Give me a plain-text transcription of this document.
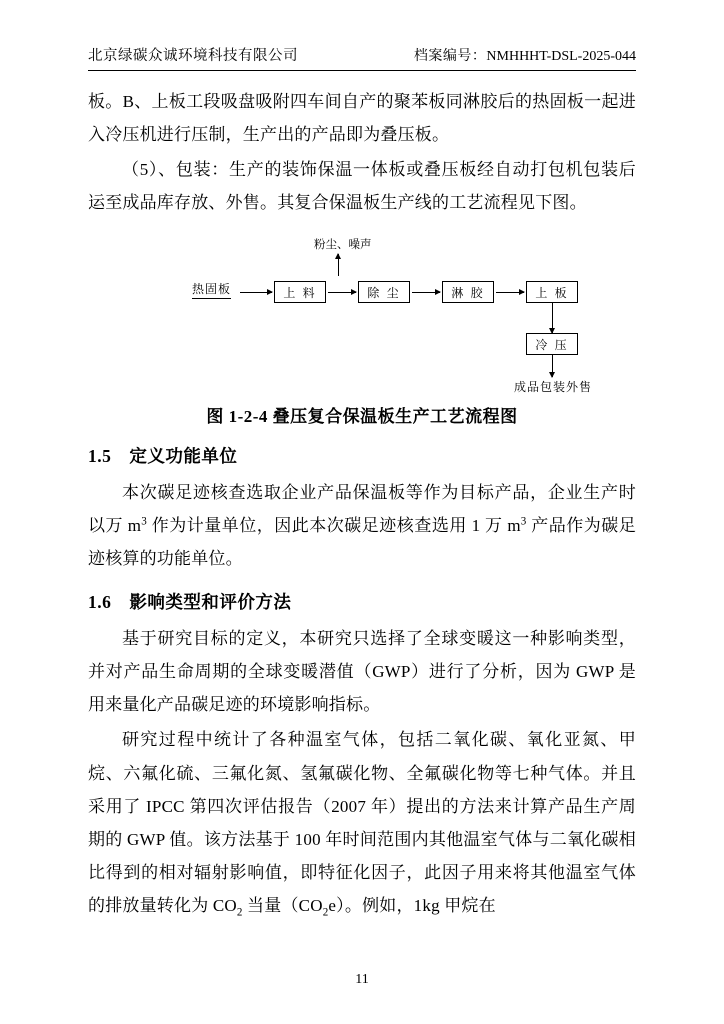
北京绿碳众诚环境科技有限公司	档案编号：NMHHHT-DSL-2025-044

板。B、上板工段吸盘吸附四车间自产的聚苯板同淋胶后的热固板一起进入冷压机进行压制，生产出的产品即为叠压板。

（5）、包装：生产的装饰保温一体板或叠压板经自动打包机包装后运至成品库存放、外售。其复合保温板生产线的工艺流程见下图。

粉尘、噪声
热固板	上 料	除 尘	淋 胶	上 板
冷 压
成品包装外售
图 1-2-4 叠压复合保温板生产工艺流程图
1.5 定义功能单位

本次碳足迹核查选取企业产品保温板等作为目标产品，企业生产时以万 $m^3$ 作为计量单位，因此本次碳足迹核查选用 1 万 $m^3$ 产品作为碳足迹核算的功能单位。

1.6 影响类型和评价方法

基于研究目标的定义，本研究只选择了全球变暖这一种影响类型，并对产品生命周期的全球变暖潜值（GWP）进行了分析，因为 GWP 是用来量化产品碳足迹的环境影响指标。

研究过程中统计了各种温室气体，包括二氧化碳、氧化亚氮、甲烷、六氟化硫、三氟化氮、氢氟碳化物、全氟碳化物等七种气体。并且采用了 IPCC 第四次评估报告（2007 年）提出的方法来计算产品生产周期的 GWP 值。该方法基于 100 年时间范围内其他温室气体与二氧化碳相比得到的相对辐射影响值，即特征化因子，此因子用来将其他温室气体的排放量转化为 $CO_2$ 当量$(CO_2e)$。例如，1kg 甲烷在

11
